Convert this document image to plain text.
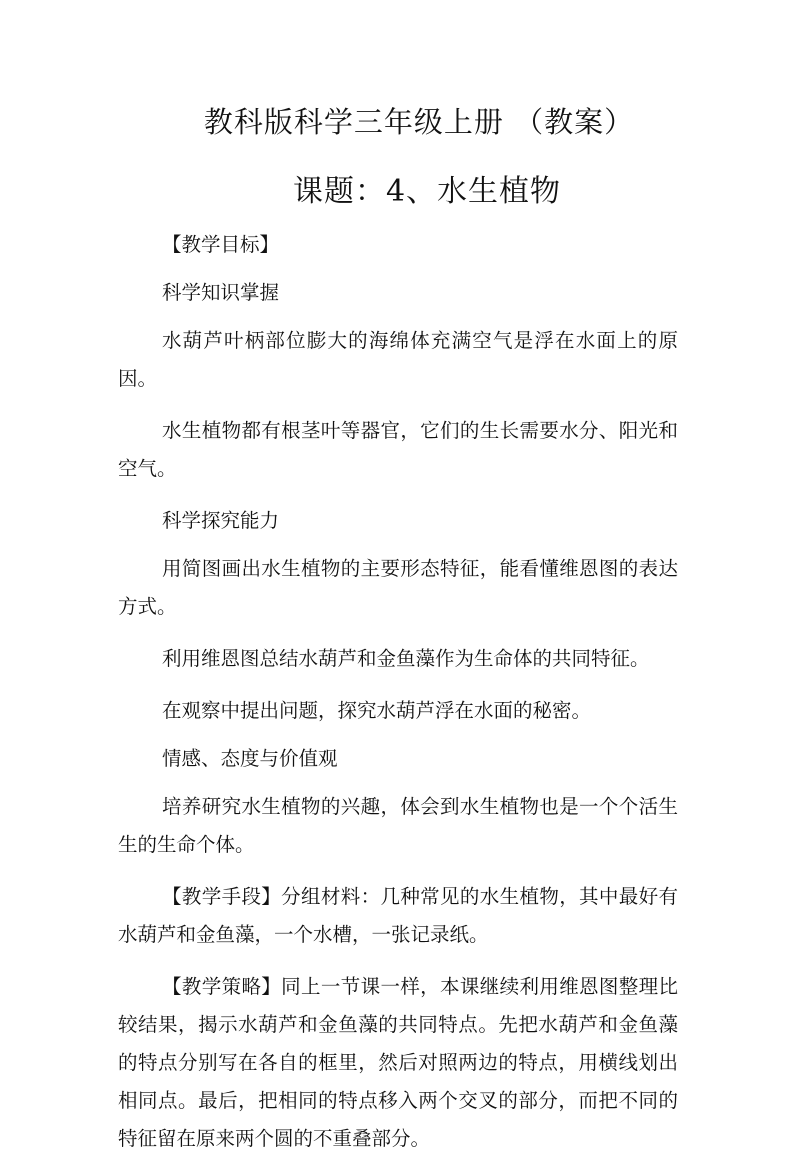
教科版科学三年级上册 （教案）
课题：4、水生植物

【教学目标】

科学知识掌握

水葫芦叶柄部位膨大的海绵体充满空气是浮在水面上的原因。

水生植物都有根茎叶等器官，它们的生长需要水分、阳光和空气。

科学探究能力

用简图画出水生植物的主要形态特征，能看懂维恩图的表达方式。

利用维恩图总结水葫芦和金鱼藻作为生命体的共同特征。

在观察中提出问题，探究水葫芦浮在水面的秘密。

情感、态度与价值观

培养研究水生植物的兴趣，体会到水生植物也是一个个活生生的生命个体。

【教学手段】分组材料：几种常见的水生植物，其中最好有水葫芦和金鱼藻，一个水槽，一张记录纸。

【教学策略】同上一节课一样，本课继续利用维恩图整理比较结果，揭示水葫芦和金鱼藻的共同特点。先把水葫芦和金鱼藻的特点分别写在各自的框里，然后对照两边的特点，用横线划出相同点。最后，把相同的特点移入两个交叉的部分，而把不同的特征留在原来两个圆的不重叠部分。
